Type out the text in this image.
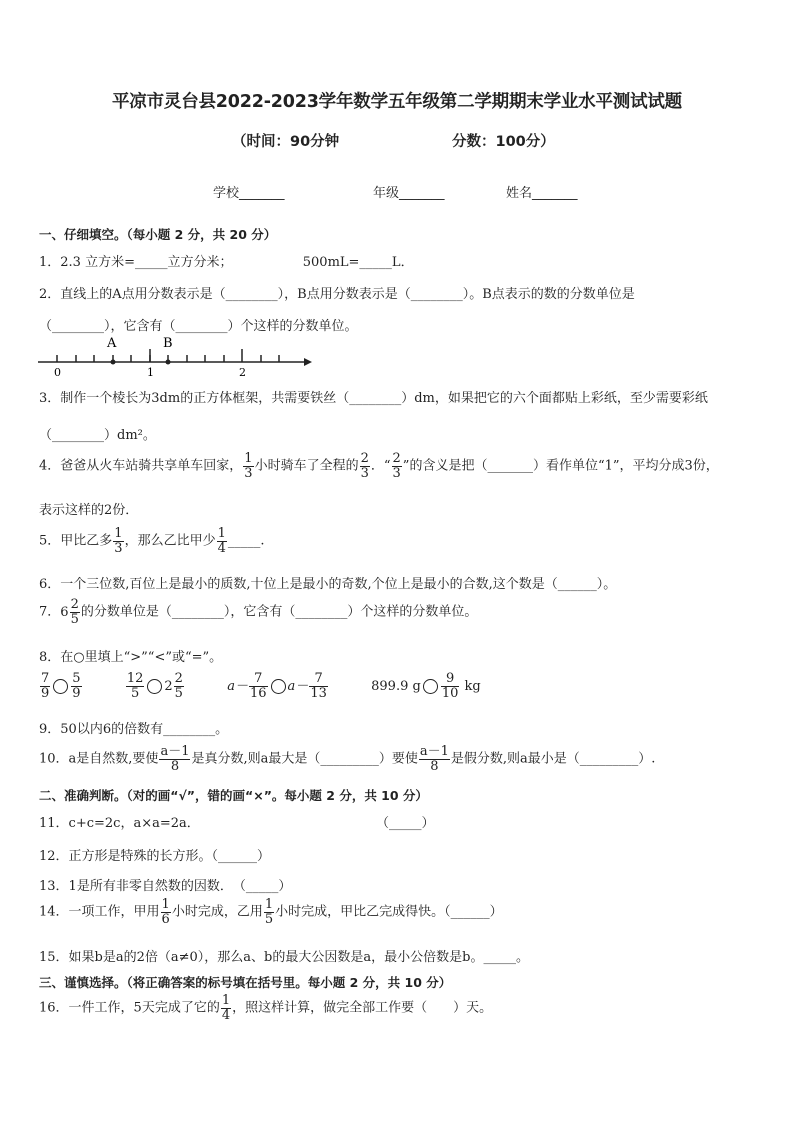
平凉市灵台县2022-2023学年数学五年级第二学期期末学业水平测试试题
（时间：90分钟	分数：100分）
学校_______	年级_______	姓名_______
一、仔细填空。（每小题 2 分，共 20 分）
1．2.3 立方米=_____立方分米；	500mL=_____L．
2．直线上的A点用分数表示是（________），B点用分数表示是（________）。B点表示的数的分数单位是
（________），它含有（________）个这样的分数单位。
A	B
0	1	2
3．制作一个棱长为3dm的正方体框架，共需要铁丝（________）dm，如果把它的六个面都贴上彩纸，至少需要彩纸
（________）dm²。
4．爸爸从火车站骑共享单车回家， $\frac{1}{3}$ 小时骑车了全程的 $\frac{2}{3}$ ．“ $\frac{2}{3}$ ”的含义是把（_______）看作单位“1”，平均分成3份，
表示这样的2份．
5．甲比乙多 $\frac{1}{3}$ ，那么乙比甲少 $\frac{1}{4}$ _____.
6．一个三位数,百位上是最小的质数,十位上是最小的奇数,个位上是最小的合数,这个数是（______）。
7． $6 \frac{2}{5}$ 的分数单位是（________），它含有（________）个这样的分数单位。
8．在○里填上“>”“<”或“=”。
$\frac{7}{9} \frac{5}{9}$
	$\frac{12}{5} 2 \frac{2}{5}$	$a- \frac{7}{16} a- \frac{7}{13}$	899.9 g $\frac{9}{10}$ kg
9．50以内6的倍数有________。
10．a是自然数,要使 $\frac{a-1}{8}$ 是真分数,则a最大是（_________）要使 $\frac{a-1}{8}$ 是假分数,则a最小是（_________）.
二、准确判断。（对的画“√”，错的画“×”。每小题 2 分，共 10 分）
11．c+c=2c，a×a=2a．	（_____）
12．正方形是特殊的长方形。（______）
13．1是所有非零自然数的因数．　（_____）
14．一项工作，甲用 $\frac{1}{6}$ 小时完成，乙用 $\frac{1}{5}$ 小时完成，甲比乙完成得快。（______）
15．如果b是a的2倍（a≠0），那么a、b的最大公因数是a，最小公倍数是b。_____。
三、谨慎选择。（将正确答案的标号填在括号里。每小题 2 分，共 10 分）
16．一件工作，5天完成了它的 $\frac{1}{4}$ ，照这样计算，做完全部工作要（　　）天。
